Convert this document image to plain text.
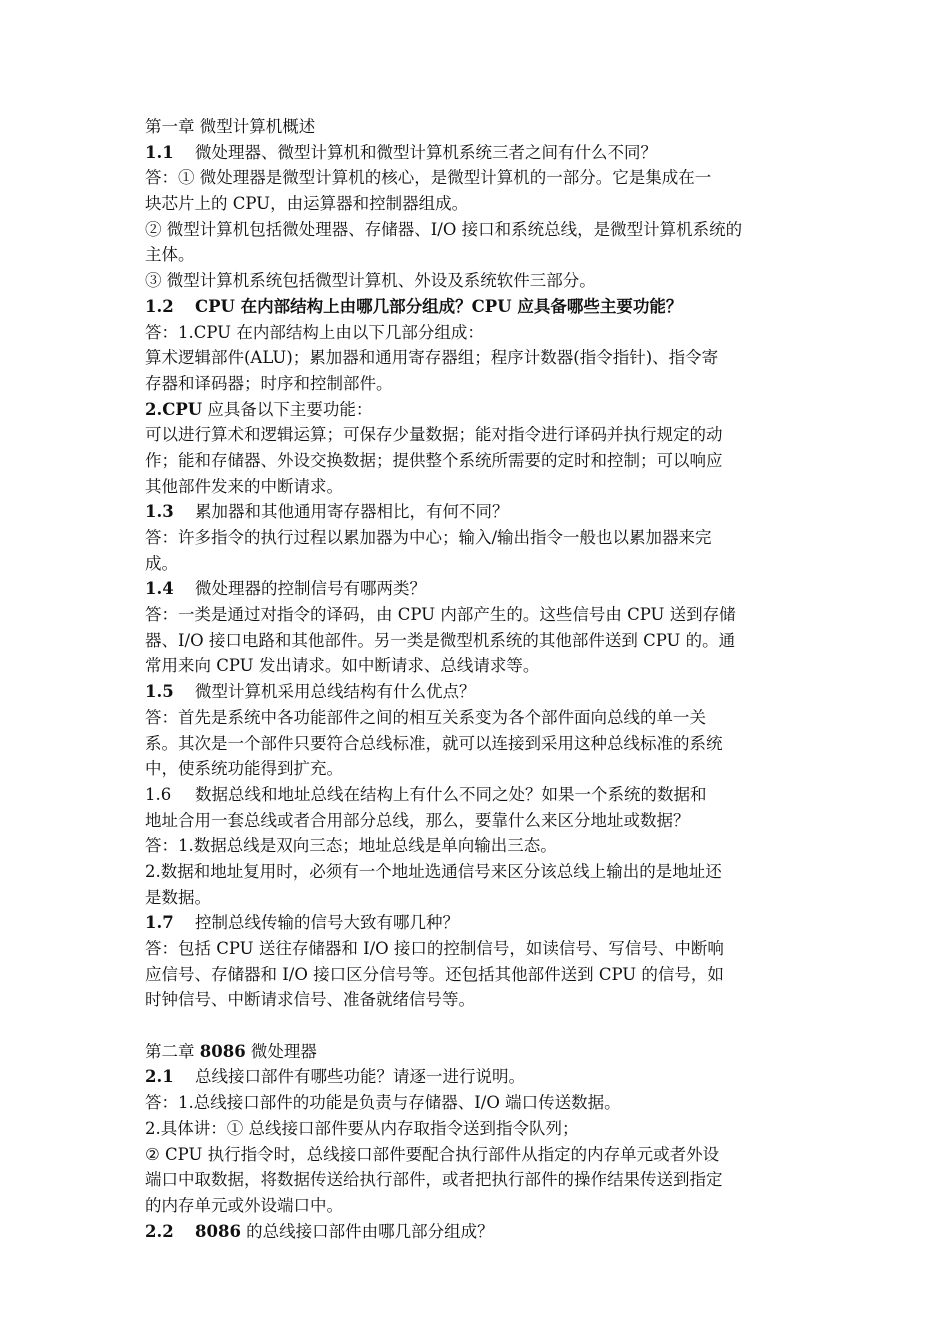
第一章 微型计算机概述
1.1 微处理器、微型计算机和微型计算机系统三者之间有什么不同？
答：① 微处理器是微型计算机的核心，是微型计算机的一部分。它是集成在一
块芯片上的 CPU，由运算器和控制器组成。
② 微型计算机包括微处理器、存储器、I/O 接口和系统总线，是微型计算机系统的
主体。
③ 微型计算机系统包括微型计算机、外设及系统软件三部分。
1.2 CPU 在内部结构上由哪几部分组成？CPU 应具备哪些主要功能？
答：1.CPU 在内部结构上由以下几部分组成：
算术逻辑部件(ALU)；累加器和通用寄存器组；程序计数器(指令指针)、指令寄
存器和译码器；时序和控制部件。
2.CPU 应具备以下主要功能：
可以进行算术和逻辑运算；可保存少量数据；能对指令进行译码并执行规定的动
作；能和存储器、外设交换数据；提供整个系统所需要的定时和控制；可以响应
其他部件发来的中断请求。
1.3 累加器和其他通用寄存器相比，有何不同？
答：许多指令的执行过程以累加器为中心；输入/输出指令一般也以累加器来完
成。
1.4 微处理器的控制信号有哪两类？
答：一类是通过对指令的译码，由 CPU 内部产生的。这些信号由 CPU 送到存储
器、I/O 接口电路和其他部件。另一类是微型机系统的其他部件送到 CPU 的。通
常用来向 CPU 发出请求。如中断请求、总线请求等。
1.5 微型计算机采用总线结构有什么优点？
答：首先是系统中各功能部件之间的相互关系变为各个部件面向总线的单一关
系。其次是一个部件只要符合总线标准，就可以连接到采用这种总线标准的系统
中，使系统功能得到扩充。
1.6 数据总线和地址总线在结构上有什么不同之处？如果一个系统的数据和
地址合用一套总线或者合用部分总线，那么，要靠什么来区分地址或数据？
答：1.数据总线是双向三态；地址总线是单向输出三态。
2.数据和地址复用时，必须有一个地址选通信号来区分该总线上输出的是地址还
是数据。
1.7 控制总线传输的信号大致有哪几种？
答：包括 CPU 送往存储器和 I/O 接口的控制信号，如读信号、写信号、中断响
应信号、存储器和 I/O 接口区分信号等。还包括其他部件送到 CPU 的信号，如
时钟信号、中断请求信号、准备就绪信号等。
第二章 8086 微处理器
2.1 总线接口部件有哪些功能？请逐一进行说明。
答：1.总线接口部件的功能是负责与存储器、I/O 端口传送数据。
2.具体讲：① 总线接口部件要从内存取指令送到指令队列；
② CPU 执行指令时，总线接口部件要配合执行部件从指定的内存单元或者外设
端口中取数据，将数据传送给执行部件，或者把执行部件的操作结果传送到指定
的内存单元或外设端口中。
2.2 8086 的总线接口部件由哪几部分组成？
